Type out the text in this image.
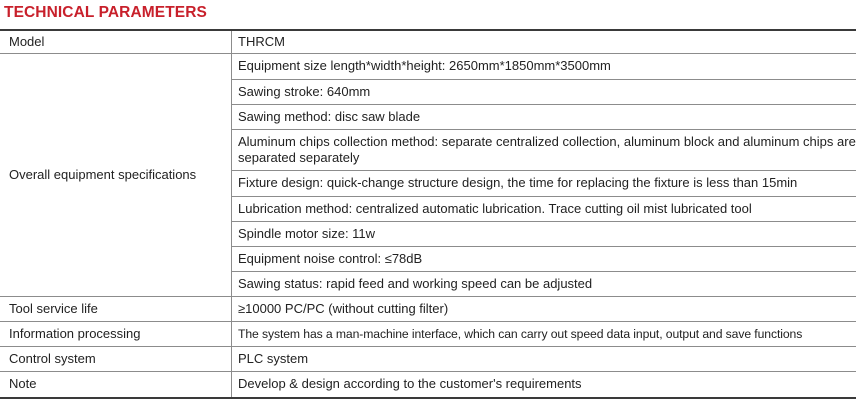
TECHNICAL PARAMETERS
Model	THRCM
Overall equipment specifications	Equipment size length*width*height: 2650mm*1850mm*3500mm
	Sawing stroke: 640mm
	Sawing method: disc saw blade
	Aluminum chips collection method: separate centralized collection, aluminum block and aluminum chips are separated separately
	Fixture design: quick-change structure design, the time for replacing the fixture is less than 15min
	Lubrication method: centralized automatic lubrication. Trace cutting oil mist lubricated tool
	Spindle motor size: 11w
	Equipment noise control: ≤78dB
	Sawing status: rapid feed and working speed can be adjusted
Tool service life	≥10000 PC/PC (without cutting filter)
Information processing	The system has a man-machine interface, which can carry out speed data input, output and save functions
Control system	PLC system
Note	Develop & design according to the customer's requirements
